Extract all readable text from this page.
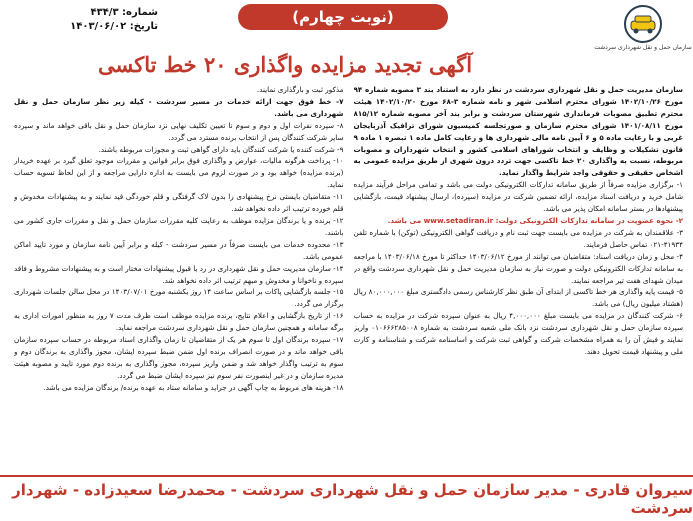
سازمان حمل و نقل شهرداری سردشت
(نوبت چهارم)
شماره: ۴۳۴/۳
تاریخ: ۱۴۰۳/۰۶/۰۲
آگهی تجدید مزایده واگذاری ۲۰ خط تاکسی

سازمان مدیریت حمل و نقل شهرداری سردشت در نظر دارد به استناد بند ۳ مصوبه شماره ۹۴ مورخ ۱۴۰۲/۱۰/۲۶ شورای محترم اسلامی شهر و نامه شماره ۳-۶۸ مورخ ۱۴۰۲/۱۰/۲۰ هیئت محترم تطبیق مصوبات فرمانداری شهرستان سردشت و برابر بند آخر مصوبه شماره ۸۱۵/۱۲ مورخ ۱۴۰۱/۰۸/۱۱ شورای محترم سازمان و صورتجلسه کمیسیون شورای ترافیک آذربایجان غربی و با رعایت ماده ۵ و ۶ آیین نامه مالی شهرداری ها و رعایت کامل ماده ۱ تبصره ۱ ماده ۹ قانون تشکیلات و وظایف و انتخاب شوراهای اسلامی کشور و انتخاب شهرداران و مصوبات مربوطه، نسبت به واگذاری ۲۰ خط تاکسی جهت تردد درون شهری از طریق مزایده عمومی به اشخاص حقیقی و حقوقی واجد شرایط واگذار نماید.

۱- برگزاری مزایده صرفاً از طریق سامانه تدارکات الکترونیکی دولت می باشد و تمامی مراحل فرآیند مزایده شامل خرید و دریافت اسناد مزایده، ارائه تضمین شرکت در مزایده (سپرده)، ارسال پیشنهاد قیمت، بازگشایی پیشنهادها در بستر سامانه امکان پذیر می باشد.

۲- نحوه عضویت در سامانه تدارکات الکترونیکی دولت: www.setadiran.ir می باشد.

۳- علاقمندان به شرکت در مزایده می بایست جهت ثبت نام و دریافت گواهی الکترونیکی (توکن) با شماره تلفن ۴۱۹۳۴-۰۲۱ تماس حاصل فرمایند.

۴- محل و زمان دریافت اسناد: متقاضیان می توانند از مورخ ۱۴۰۳/۰۶/۱۲ حداکثر تا مورخ ۱۴۰۳/۰۶/۱۸ با مراجعه به سامانه تدارکات الکترونیکی دولت و صورت نیاز به سازمان مدیریت حمل و نقل شهرداری سردشت واقع در میدان شهدای هفت تیر مراجعه نمایند.

۵- قیمت پایه واگذاری هر خط تاکسی از ابتدای آن طبق نظر کارشناس رسمی دادگستری مبلغ ۸۰,۰۰۰,۰۰۰ ریال (هشتاد میلیون ریال) می باشد.

۶- شرکت کنندگان در مزایده می بایست مبلغ ۴,۰۰۰,۰۰۰ ریال به عنوان سپرده شرکت در مزایده به حساب سپرده سازمان حمل و نقل شهرداری سردشت نزد بانک ملی شعبه سردشت به شماره ۰۱۰۶۶۶۲۸۵۰۰۸ واریز نمایند و فیش آن را به همراه مشخصات شرکت و گواهی ثبت شرکت و اساسنامه شرکت و شناسنامه و کارت ملی و پیشنهاد قیمت تحویل دهند.

مذکور ثبت و بارگذاری نمایند.

۷- خط فوق جهت ارائه خدمات در مسیر سردشت - کیله زیر نظر سازمان حمل و نقل شهرداری می باشد.

۸- سپرده نفرات اول و دوم و سوم تا تعیین تکلیف نهایی نزد سازمان حمل و نقل باقی خواهد ماند و سپرده سایر شرکت کنندگان پس از انتخاب برنده مسترد می گردد.

۹- شرکت کننده یا شرکت کنندگان باید دارای گواهی ثبت و مجوزات مربوطه باشند.

۱۰- پرداخت هرگونه مالیات، عوارض و واگذاری فوق برابر قوانین و مقررات موجود تعلق گیرد بر عهده خریدار (برنده مزایده) خواهد بود و در صورت لزوم می بایست به اداره دارایی مراجعه و از این لحاظ تسویه حساب نماید.

۱۱- متقاضیان بایستی نرخ پیشنهادی را بدون لاک گرفتگی و قلم خوردگی قید نمایند و به پیشنهادات مخدوش و قلم خورده ترتیب اثر داده نخواهد شد.

۱۲- برنده و یا برندگان مزایده موظف به رعایت کلیه مقررات سازمان حمل و نقل و مقررات جاری کشور می باشند.

۱۳- محدوده خدمات می بایست صرفاً در مسیر سردشت - کیله و برابر آیین نامه سازمان و مورد تایید اماکن عمومی باشد.

۱۴- سازمان مدیریت حمل و نقل شهرداری در رد یا قبول پیشنهادات مختار است و به پیشنهادات مشروط و فاقد سپرده و ناخوانا و مخدوش و مبهم ترتیب اثر داده نخواهد شد.

۱۵- جلسه بازگشایی پاکات بر اساس ساعت ۱۴ روز یکشنبه مورخ ۱۴۰۳/۰۷/۰۱ در محل سالن جلسات شهرداری برگزار می گردد.

۱۶- از تاریخ بازگشایی و اعلام نتایج، برنده مزایده موظف است ظرف مدت ۷ روز به منظور امورات اداری به برگه سامانه و همچنین سازمان حمل و نقل شهرداری سردشت مراجعه نماید.

۱۷- سپرده برندگان اول تا سوم هر یک از متقاضیان تا زمان واگذاری اسناد مربوطه در حساب سپرده سازمان باقی خواهد ماند و در صورت انصراف برنده اول ضمن ضبط سپرده ایشان، مجوز واگذاری به برندگان دوم و سوم به ترتیب واگذار خواهد شد و ضمن واریز سپرده، مجوز واگذاری به برنده دوم مورد تایید و مصوبه هیئت مدیره سازمان و در غیر اینصورت نفر سوم نیز سپرده ایشان ضبط می گردد.

۱۸- هزینه های مربوط به چاپ آگهی در جراید و سامانه ستاد به عهده برنده/ برندگان مزایده می باشد.

سیروان قادری - مدیر سازمان حمل و نقل شهرداری سردشت - محمدرضا سعیدزاده - شهردار سردشت
